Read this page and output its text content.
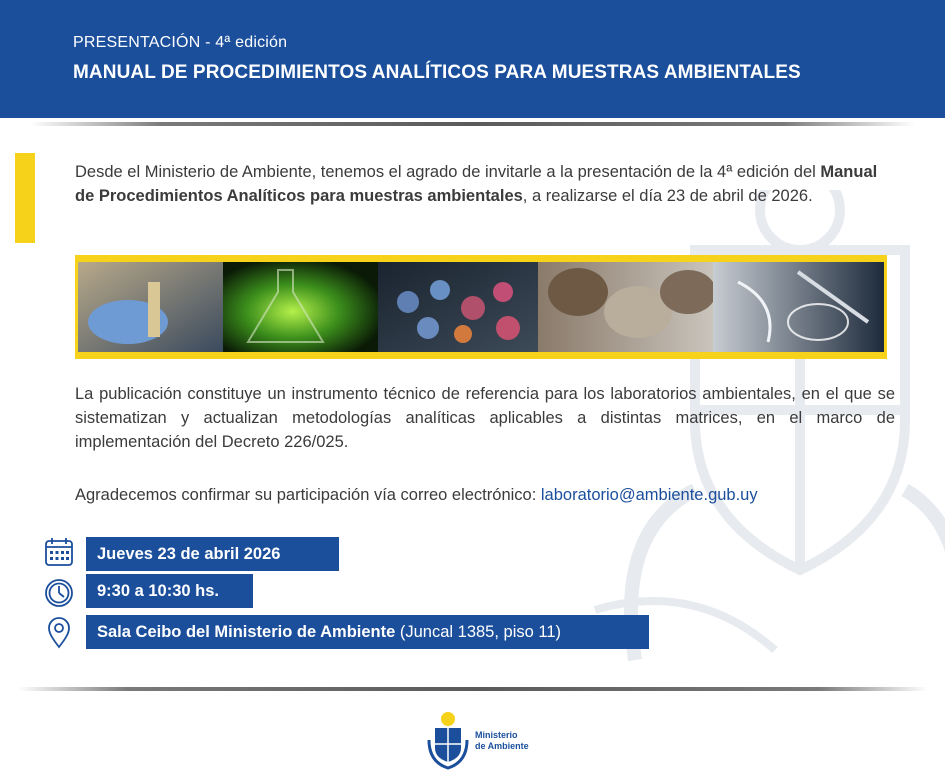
PRESENTACIÓN - 4ª edición
MANUAL DE PROCEDIMIENTOS ANALÍTICOS PARA MUESTRAS AMBIENTALES
Desde el Ministerio de Ambiente, tenemos el agrado de invitarle a la presentación de la 4ª edición del Manual de Procedimientos Analíticos para muestras ambientales, a realizarse el día 23 de abril de 2026.
La publicación constituye un instrumento técnico de referencia para los laboratorios ambientales, en el que se sistematizan y actualizan metodologías analíticas aplicables a distintas matrices, en el marco de implementación del Decreto 226/025.
Agradecemos confirmar su participación vía correo electrónico: laboratorio@ambiente.gub.uy
Jueves 23 de abril 2026
9:30 a 10:30 hs.
Sala Ceibo del Ministerio de Ambiente (Juncal 1385, piso 11)
Ministerio
de Ambiente
